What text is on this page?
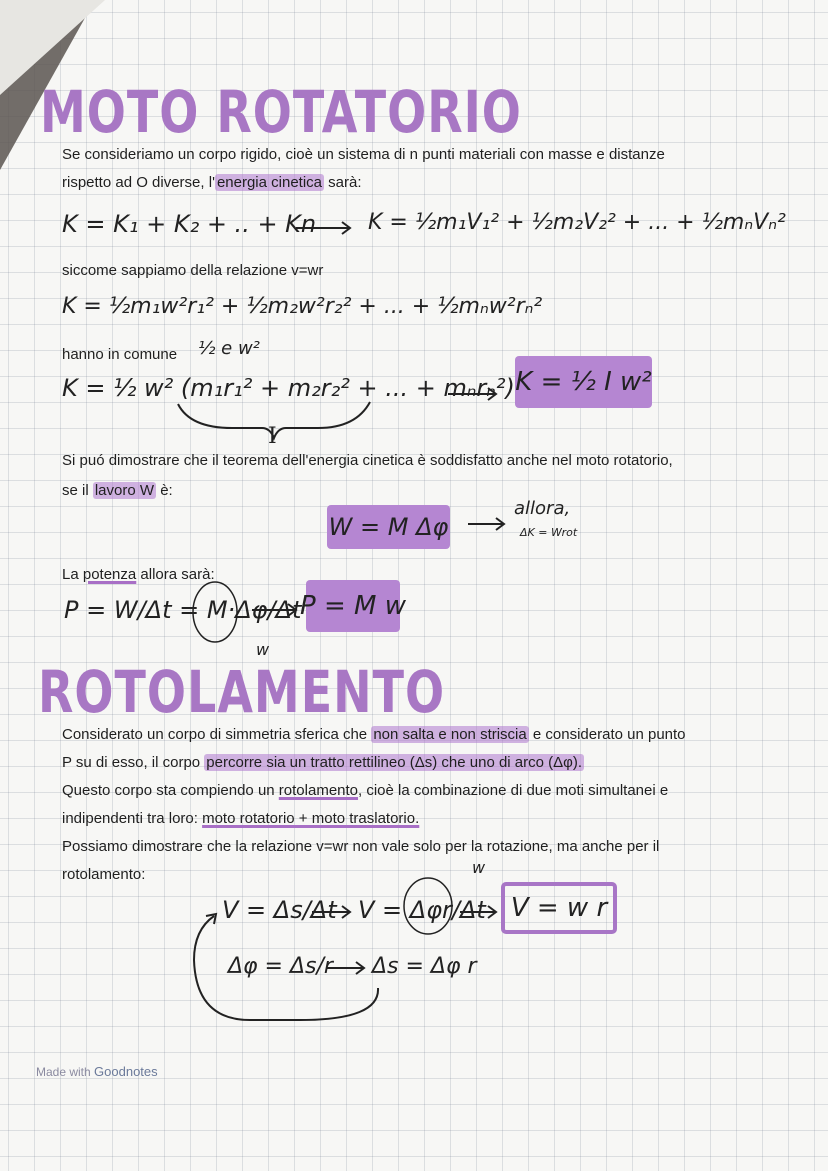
MOTO ROTATORIO
Se consideriamo un corpo rigido, cioè un sistema di n punti materiali con masse e distanze
rispetto ad O diverse, l' energia cinetica sarà:
K = K₁ + K₂ + .. + Kn K = ½m₁V₁² + ½m₂V₂² + ... + ½mₙVₙ²
siccome sappiamo della relazione v=wr
K = ½m₁w²r₁² + ½m₂w²r₂² + ... + ½mₙw²rₙ²
hanno in comune ½ e w²
K = ½ w² (m₁r₁² + m₂r₂² + ... + mₙrₙ²)
I
K = ½ I w²
Si puó dimostrare che il teorema dell'energia cinetica è soddisfatto anche nel moto rotatorio,
se il lavoro W è:
W = M Δφ
allora,
ΔK = Wrot
La potenza allora sarà:
P = W/Δt = M·Δφ/Δt
w
P = M w
ROTOLAMENTO
Considerato un corpo di simmetria sferica che non salta e non striscia e considerato un punto
P su di esso, il corpo percorre sia un tratto rettilineo (Δs) che uno di arco (Δφ).
Questo corpo sta compiendo un rotolamento, cioè la combinazione di due moti simultanei e
indipendenti tra loro: moto rotatorio + moto traslatorio.
Possiamo dimostrare che la relazione v=wr non vale solo per la rotazione, ma anche per il
rotolamento:
V = Δs/Δt V = Δφr/Δt
w
V = w r
Δφ = Δs/r Δs = Δφ r
Made with Goodnotes
